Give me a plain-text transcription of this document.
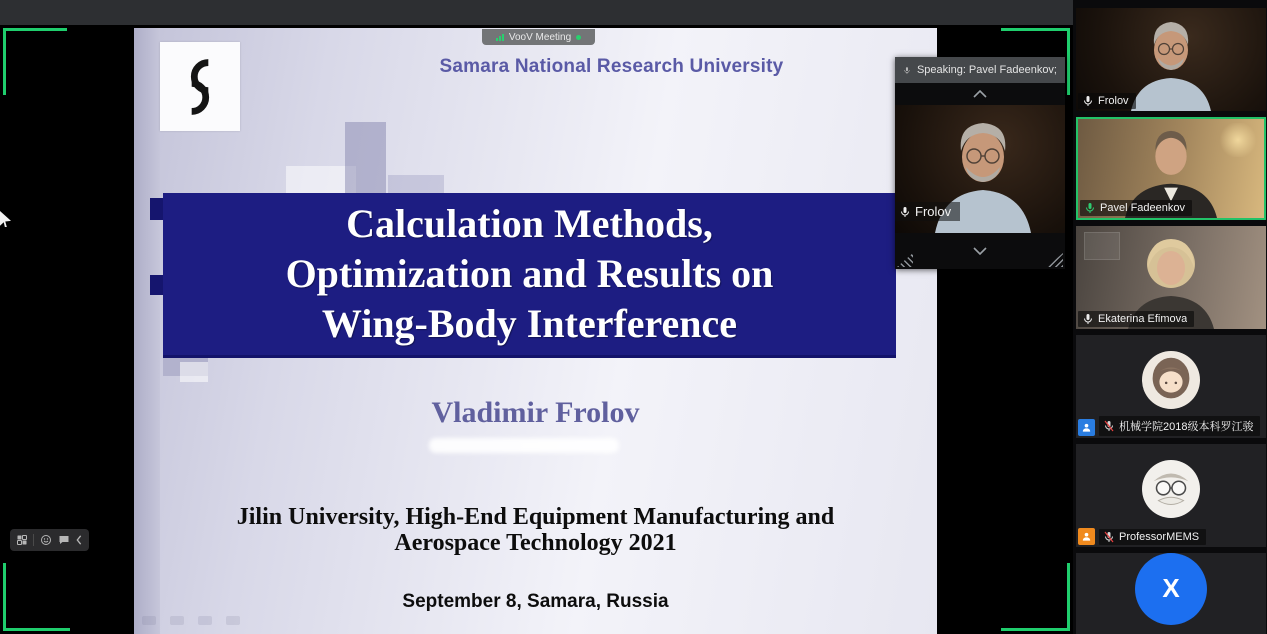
Samara National Research University
Calculation Methods,
Optimization and Results on
Wing-Body Interference
Vladimir Frolov
Jilin University, High-End Equipment Manufacturing and
Aerospace Technology 2021
September 8, Samara, Russia
VooV Meeting
Speaking: Pavel Fadeenkov;
Frolov
Frolov
Pavel Fadeenkov
Ekaterina Efimova
机械学院2018级本科罗江骏
ProfessorMEMS
X
